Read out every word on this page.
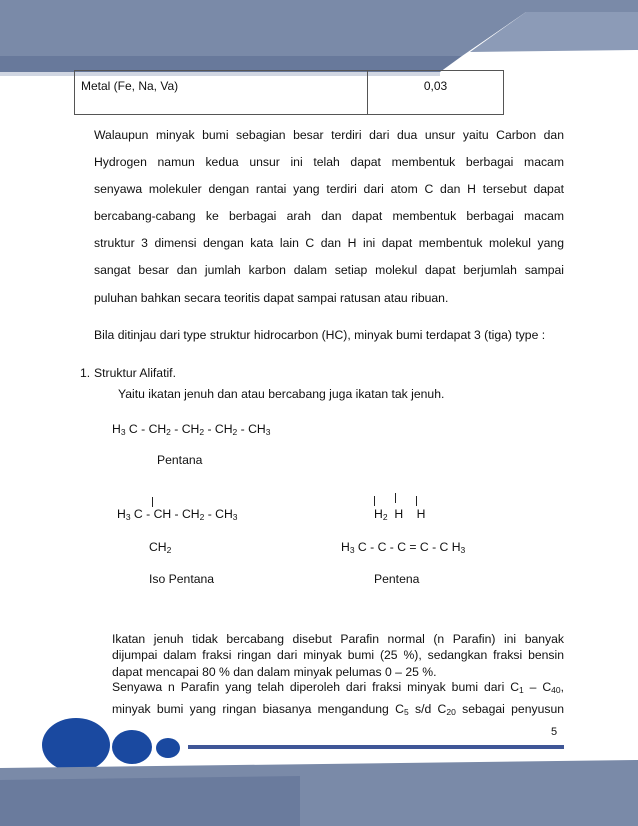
Metal (Fe, Na, Va)	0,03
Walaupun minyak bumi sebagian besar terdiri dari dua unsur yaitu Carbon dan
Hydrogen namun kedua unsur ini telah dapat membentuk berbagai macam
senyawa molekuler dengan rantai yang terdiri dari atom C dan H tersebut dapat
bercabang-cabang ke berbagai arah dan dapat membentuk berbagai macam
struktur 3 dimensi dengan kata lain C dan H ini dapat membentuk molekul yang
sangat besar dan jumlah karbon dalam setiap molekul dapat berjumlah sampai
puluhan bahkan secara teoritis dapat sampai ratusan atau ribuan.
Bila ditinjau dari type struktur hidrocarbon (HC), minyak bumi terdapat 3 (tiga) type :
1. Struktur Alifatif.
Yaitu ikatan jenuh dan atau bercabang juga ikatan tak jenuh.
$H_3$ C - $CH_2 - CH_2 - CH_2 - CH_3$
Pentana
$H_3$ C - CH - $CH_2 - CH_3$
$CH_2$
Iso Pentana
$H_2$  H    H
$H_3$ C - C - C = C - C $H_3$
Pentena
Ikatan jenuh tidak bercabang disebut Parafin normal (n Parafin) ini banyak
dijumpai dalam fraksi ringan dari minyak bumi (25 %), sedangkan fraksi bensin
dapat mencapai 80 % dan dalam minyak pelumas 0 – 25 %.
Senyawa n Parafin yang telah diperoleh dari fraksi minyak bumi dari $C_1 - C_{40}$,
minyak bumi yang ringan biasanya mengandung $C_5$ s/d $C_{20}$ sebagai penyusun
5
